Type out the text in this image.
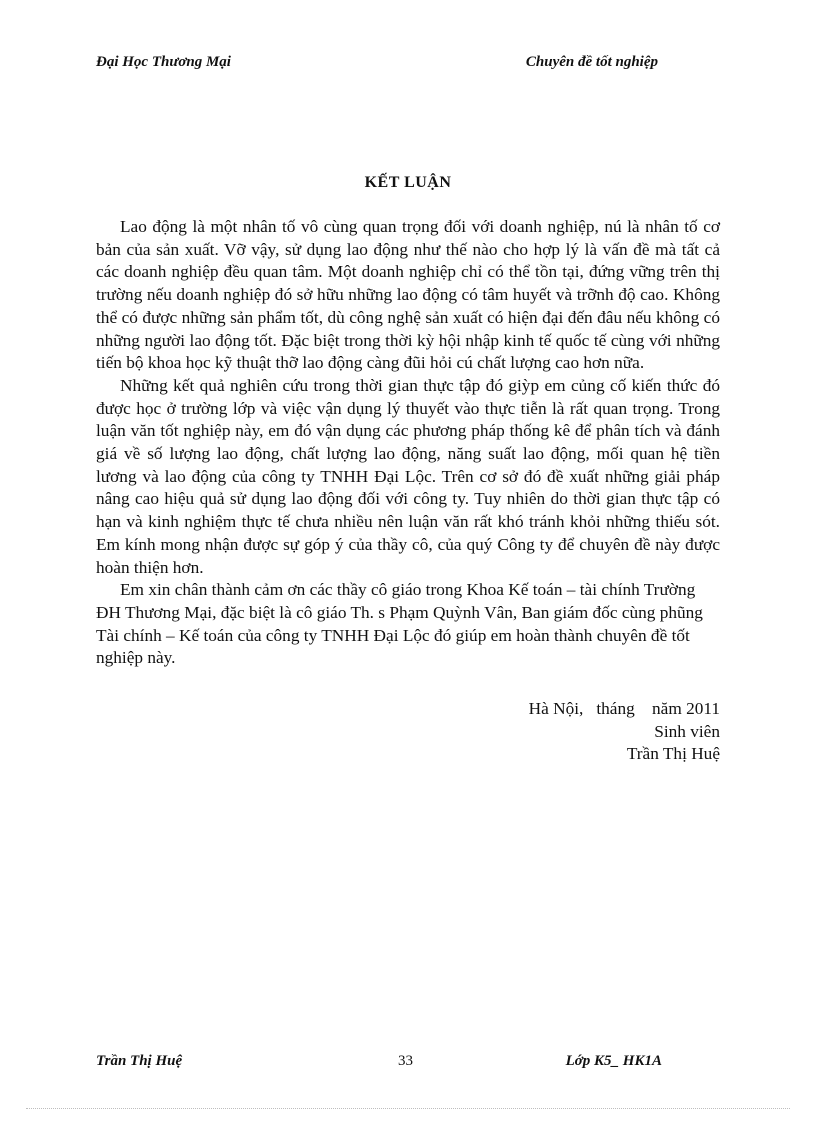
Đại Học Thương Mại	Chuyên đề tốt nghiệp
KẾT LUẬN

Lao động là một nhân tố vô cùng quan trọng đối với doanh nghiệp, nú là nhân tố cơ bản của sản xuất. Vỡ vậy, sử dụng lao động như thế nào cho hợp lý là vấn đề mà tất cả các doanh nghiệp đều quan tâm. Một doanh nghiệp chỉ có thể tồn tại, đứng vững trên thị trường nếu doanh nghiệp đó sở hữu những lao động có tâm huyết và trỡnh độ cao. Không thể có được những sản phẩm tốt, dù công nghệ sản xuất có hiện đại đến đâu nếu không có những người lao động tốt. Đặc biệt trong thời kỳ hội nhập kinh tế quốc tế cùng với những tiến bộ khoa học kỹ thuật thỡ lao động càng đũi hỏi cú chất lượng cao hơn nữa.

Những kết quả nghiên cứu trong thời gian thực tập đó giỳp em củng cố kiến thức đó được học ở trường lớp và việc vận dụng lý thuyết vào thực tiễn là rất quan trọng. Trong luận văn tốt nghiệp này, em đó vận dụng các phương pháp thống kê để phân tích và đánh giá về số lượng lao động, chất lượng lao động, năng suất lao động, mối quan hệ tiền lương và lao động của công ty TNHH Đại Lộc. Trên cơ sở đó đề xuất những giải pháp nâng cao hiệu quả sử dụng lao động đối với công ty. Tuy nhiên do thời gian thực tập có hạn và kinh nghiệm thực tế chưa nhiều nên luận văn rất khó tránh khỏi những thiếu sót. Em kính mong nhận được sự góp ý của thầy cô, của quý Công ty để chuyên đề này được hoàn thiện hơn.

Em xin chân thành cảm ơn các thầy cô giáo trong Khoa Kế toán – tài chính Trường ĐH Thương Mại, đặc biệt là cô giáo Th. s Phạm Quỳnh Vân, Ban giám đốc cùng phũng Tài chính – Kế toán của công ty TNHH Đại Lộc đó giúp em hoàn thành chuyên đề tốt nghiệp này.

Hà Nội,   tháng    năm 2011
Sinh viên
Trần Thị Huệ
Trần Thị Huệ	33	Lớp K5_ HK1A
